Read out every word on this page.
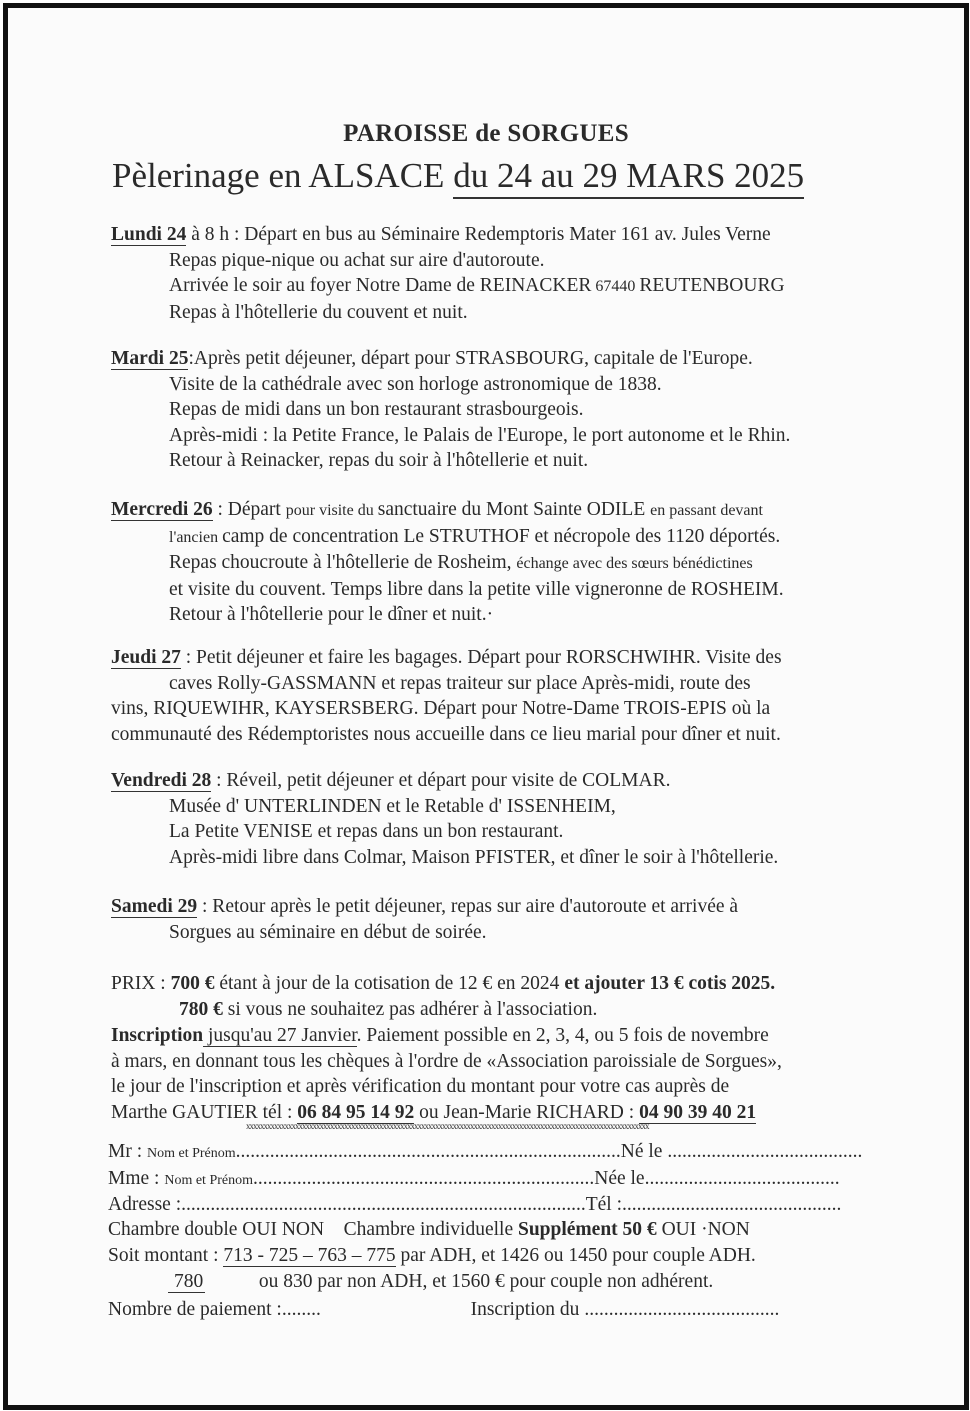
PAROISSE de SORGUES
Pèlerinage en ALSACE du 24 au 29 MARS 2025
Lundi 24 à 8 h : Départ en bus au Séminaire Redemptoris Mater 161 av. Jules Verne
Repas pique-nique ou achat sur aire d'autoroute.
Arrivée le soir au foyer Notre Dame de REINACKER 67440 REUTENBOURG
Repas à l'hôtellerie du couvent et nuit.
Mardi 25:Après petit déjeuner, départ pour STRASBOURG, capitale de l'Europe.
Visite de la cathédrale avec son horloge astronomique de 1838.
Repas de midi dans un bon restaurant strasbourgeois.
Après-midi : la Petite France, le Palais de l'Europe, le port autonome et le Rhin.
Retour à Reinacker, repas du soir à l'hôtellerie et nuit.
Mercredi 26 : Départ pour visite du sanctuaire du Mont Sainte ODILE en passant devant
l'ancien camp de concentration Le STRUTHOF et nécropole des 1120 déportés.
Repas choucroute à l'hôtellerie de Rosheim, échange avec des sœurs bénédictines
et visite du couvent. Temps libre dans la petite ville vigneronne de ROSHEIM.
Retour à l'hôtellerie pour le dîner et nuit.·
Jeudi 27 : Petit déjeuner et faire les bagages. Départ pour RORSCHWIHR. Visite des
caves Rolly-GASSMANN et repas traiteur sur place Après-midi, route des
vins, RIQUEWIHR, KAYSERSBERG. Départ pour Notre-Dame TROIS-EPIS où la
communauté des Rédemptoristes nous accueille dans ce lieu marial pour dîner et nuit.
Vendredi 28 : Réveil, petit déjeuner et départ pour visite de COLMAR.
Musée d' UNTERLINDEN et le Retable d' ISSENHEIM,
La Petite VENISE et repas dans un bon restaurant.
Après-midi libre dans Colmar, Maison PFISTER, et dîner le soir à l'hôtellerie.
Samedi 29 : Retour après le petit déjeuner, repas sur aire d'autoroute et arrivée à
Sorgues au séminaire en début de soirée.
PRIX : 700 € étant à jour de la cotisation de 12 € en 2024 et ajouter 13 € cotis 2025.
780 € si vous ne souhaitez pas adhérer à l'association.
Inscription jusqu'au 27 Janvier. Paiement possible en 2, 3, 4, ou 5 fois de novembre
à mars, en donnant tous les chèques à l'ordre de «Association paroissiale de Sorgues»,
le jour de l'inscription et après vérification du montant pour votre cas auprès de
Marthe GAUTIER tél : 06 84 95 14 92 ou Jean-Marie RICHARD : 04 90 39 40 21
xxxxxxxxxxxxxxxxxxxxxxxxxxxxxxxxxxxxxxxxxxxxxxxxxxxxxxxxxxxxxxxxxxxxxxxxxxxxxxxxxxxxxxxxxxxxxxxxxxxxxxxxxxxxxxxxxxx
Mr : Nom et Prénom...............................................................................Né le ........................................
Mme : Nom et Prénom......................................................................Née le........................................
Adresse :...................................................................................Tél :.............................................
Chambre double OUI NON Chambre individuelle Supplément 50 € OUI ·NON
Soit montant : 713 - 725 – 763 – 775 par ADH, et 1426 ou 1450 pour couple ADH.
780	ou 830 par non ADH, et 1560 € pour couple non adhérent.
Nombre de paiement :........	Inscription du ........................................
